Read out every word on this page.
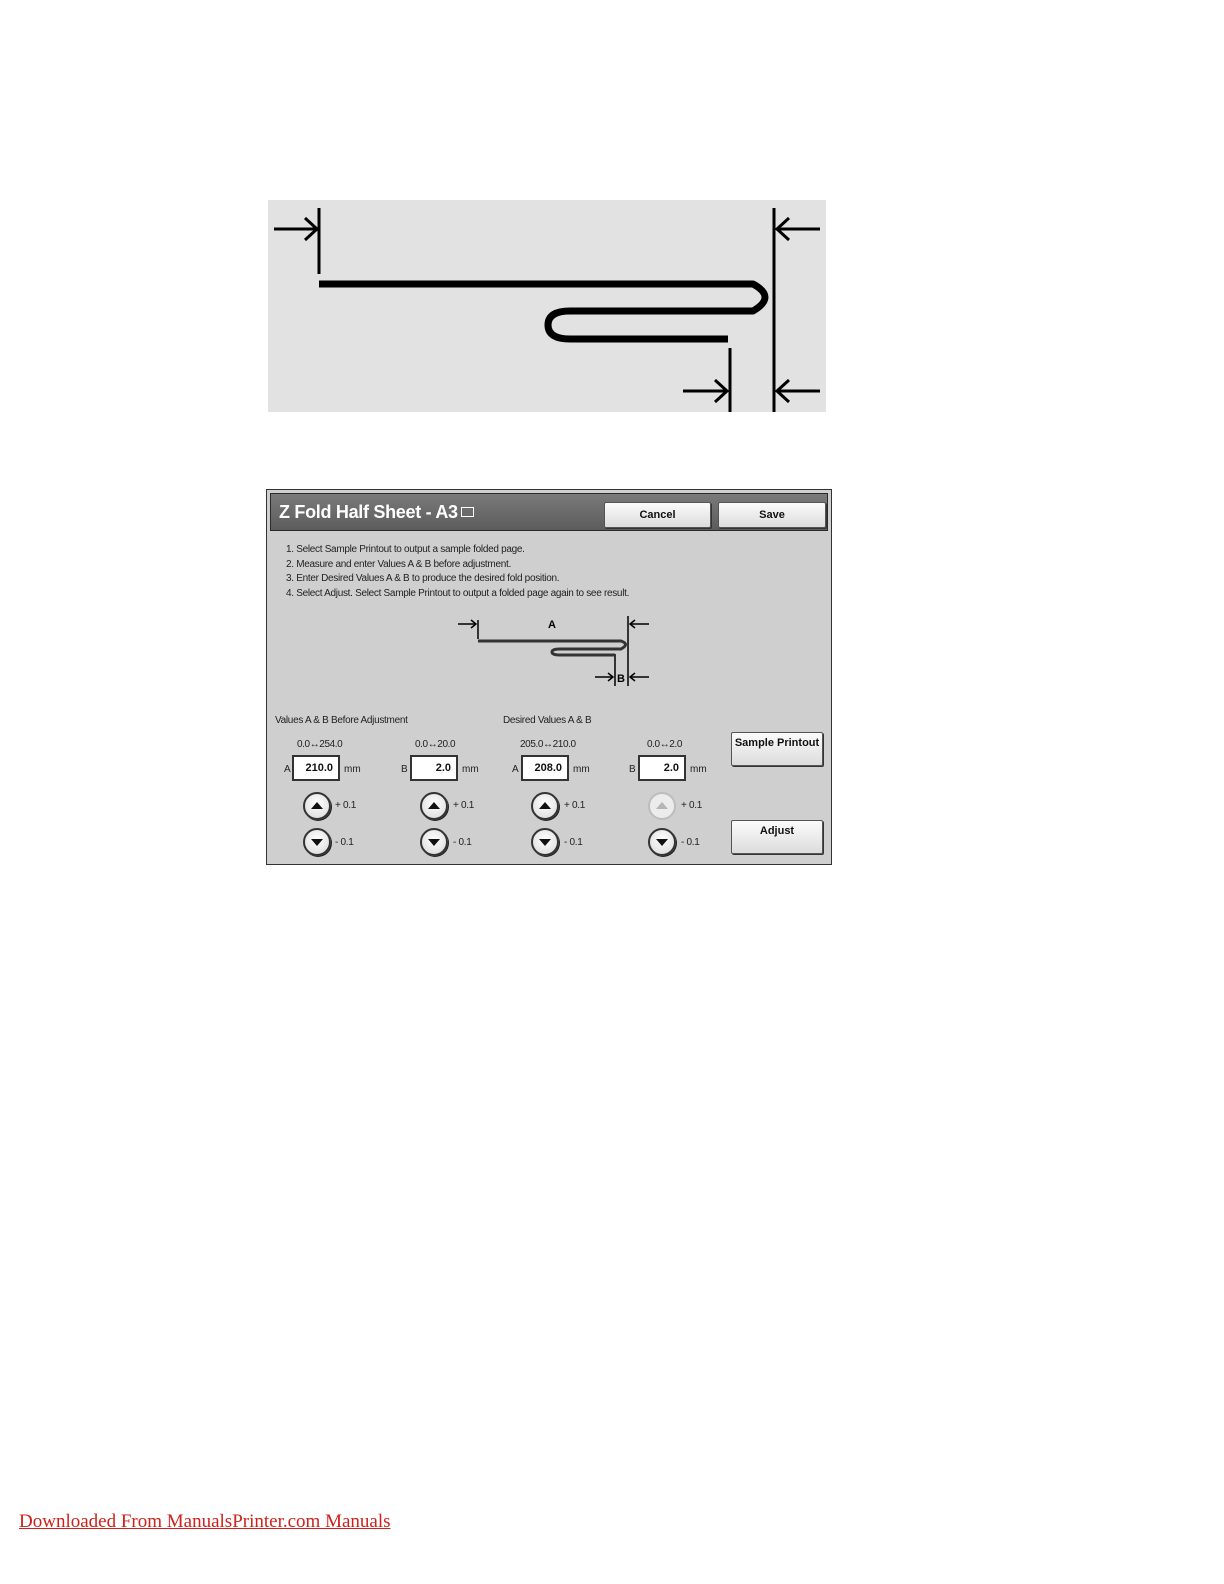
Z Fold Half Sheet - A3	Cancel	Save
1. Select Sample Printout to output a sample folded page.
2. Measure and enter Values A & B before adjustment.
3. Enter Desired Values A & B to produce the desired fold position.
4. Select Adjust. Select Sample Printout to output a folded page again to see result.
A
B
Values A & B Before Adjustment	Desired Values A & B
0.0↔254.0
A	210.0	mm
+ 0.1
- 0.1
0.0↔20.0
B	2.0	mm
+ 0.1
- 0.1
205.0↔210.0
A	208.0	mm
+ 0.1
- 0.1
0.0↔2.0
B	2.0	mm
+ 0.1
- 0.1
Sample Printout
Adjust
Downloaded From ManualsPrinter.com Manuals
